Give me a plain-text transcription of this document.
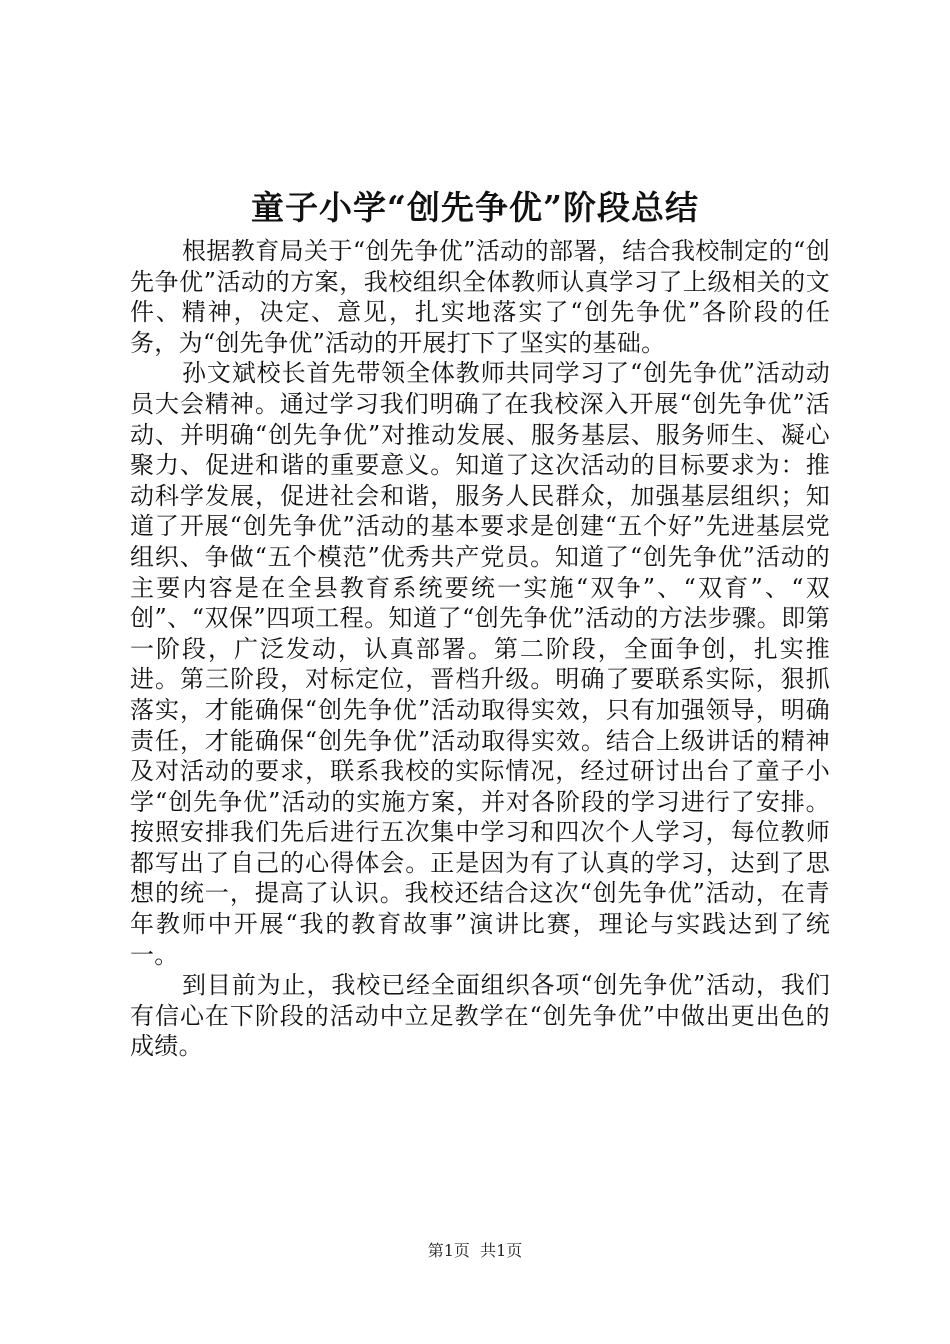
童子小学“创先争优”阶段总结

根据教育局关于“创先争优”活动的部署，结合我校制定的“创先争优”活动的方案，我校组织全体教师认真学习了上级相关的文件、精神，决定、意见，扎实地落实了“创先争优”各阶段的任务，为“创先争优”活动的开展打下了坚实的基础。

孙文斌校长首先带领全体教师共同学习了“创先争优”活动动员大会精神。通过学习我们明确了在我校深入开展“创先争优”活动、并明确“创先争优”对推动发展、服务基层、服务师生、凝心聚力、促进和谐的重要意义。知道了这次活动的目标要求为：推动科学发展，促进社会和谐，服务人民群众，加强基层组织；知道了开展“创先争优”活动的基本要求是创建“五个好”先进基层党组织、争做“五个模范”优秀共产党员。知道了“创先争优”活动的主要内容是在全县教育系统要统一实施“双争”、“双育”、“双创”、“双保”四项工程。知道了“创先争优”活动的方法步骤。即第一阶段，广泛发动，认真部署。第二阶段，全面争创，扎实推进。第三阶段，对标定位，晋档升级。明确了要联系实际，狠抓落实，才能确保“创先争优”活动取得实效，只有加强领导，明确责任，才能确保“创先争优”活动取得实效。结合上级讲话的精神及对活动的要求，联系我校的实际情况，经过研讨出台了童子小学“创先争优”活动的实施方案，并对各阶段的学习进行了安排。按照安排我们先后进行五次集中学习和四次个人学习，每位教师都写出了自己的心得体会。正是因为有了认真的学习，达到了思想的统一，提高了认识。我校还结合这次“创先争优”活动，在青年教师中开展“我的教育故事”演讲比赛，理论与实践达到了统一。

到目前为止，我校已经全面组织各项“创先争优”活动，我们有信心在下阶段的活动中立足教学在“创先争优”中做出更出色的成绩。

第1页  共1页
